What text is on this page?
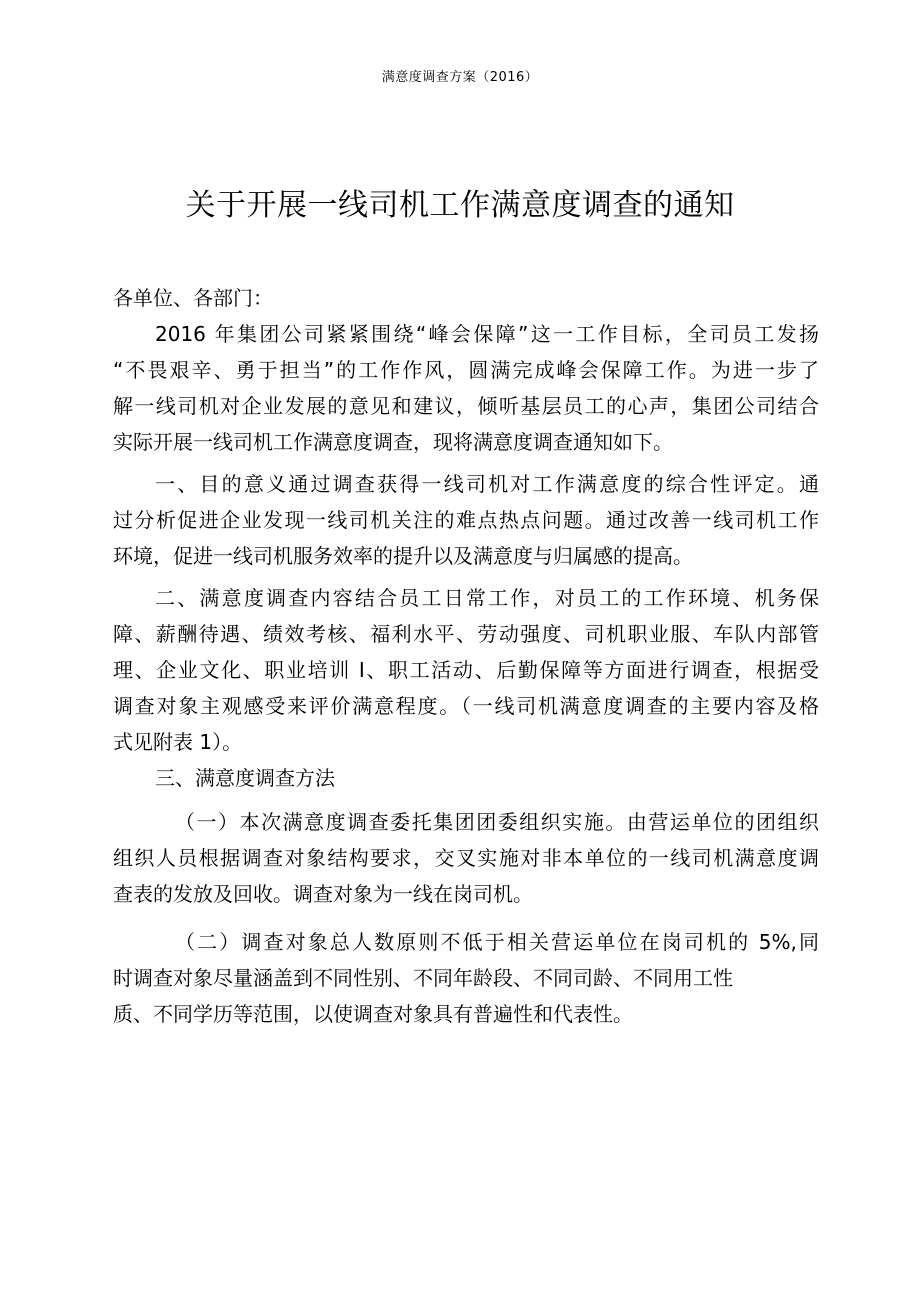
满意度调查方案（2016）
关于开展一线司机工作满意度调查的通知
各单位、各部门：
2016 年集团公司紧紧围绕“峰会保障”这一工作目标，全司员工发扬
“不畏艰辛、勇于担当”的工作作风，圆满完成峰会保障工作。为进一步了
解一线司机对企业发展的意见和建议，倾听基层员工的心声，集团公司结合
实际开展一线司机工作满意度调查，现将满意度调查通知如下。
一、目的意义通过调查获得一线司机对工作满意度的综合性评定。通
过分析促进企业发现一线司机关注的难点热点问题。通过改善一线司机工作
环境，促进一线司机服务效率的提升以及满意度与归属感的提高。
二、满意度调查内容结合员工日常工作，对员工的工作环境、机务保
障、薪酬待遇、绩效考核、福利水平、劳动强度、司机职业服、车队内部管
理、企业文化、职业培训 I、职工活动、后勤保障等方面进行调查，根据受
调查对象主观感受来评价满意程度。（一线司机满意度调查的主要内容及格
式见附表 1）。
三、满意度调查方法
（一）本次满意度调查委托集团团委组织实施。由营运单位的团组织
组织人员根据调查对象结构要求，交叉实施对非本单位的一线司机满意度调
查表的发放及回收。调查对象为一线在岗司机。
（二）调查对象总人数原则不低于相关营运单位在岗司机的 5%,同
时调查对象尽量涵盖到不同性别、不同年龄段、不同司龄、不同用工性
质、不同学历等范围，以使调查对象具有普遍性和代表性。
